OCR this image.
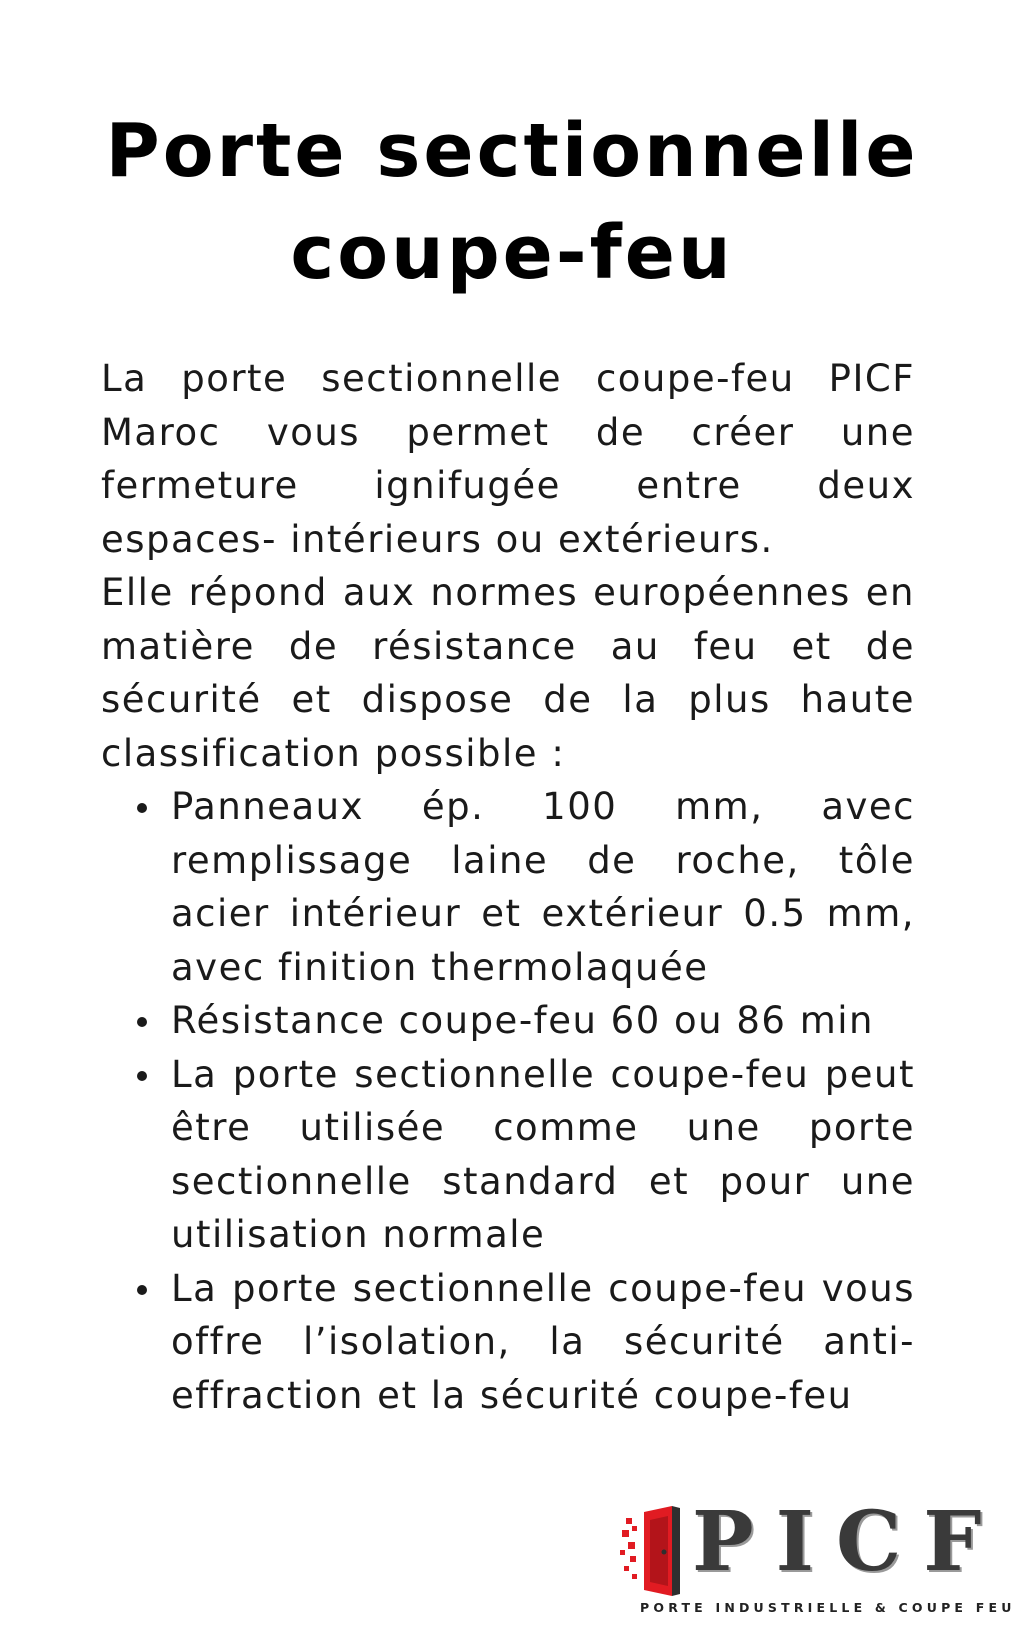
Porte sectionnelle
coupe-feu

La porte sectionnelle coupe-feu PICF Maroc vous permet de créer une fermeture ignifugée entre deux espaces- intérieurs ou extérieurs.

Elle répond aux normes européennes en matière de résistance au feu et de sécurité et dispose de la plus haute classification possible :

Panneaux ép. 100 mm, avec remplissage laine de roche, tôle acier intérieur et extérieur 0.5 mm, avec finition thermolaquée
Résistance coupe-feu 60 ou 86 min
La porte sectionnelle coupe-feu peut être utilisée comme une porte sectionnelle standard et pour une utilisation normale
La porte sectionnelle coupe-feu vous offre l’isolation, la sécurité anti-effraction et la sécurité coupe-feu
PICF
PORTE INDUSTRIELLE & COUPE FEU
